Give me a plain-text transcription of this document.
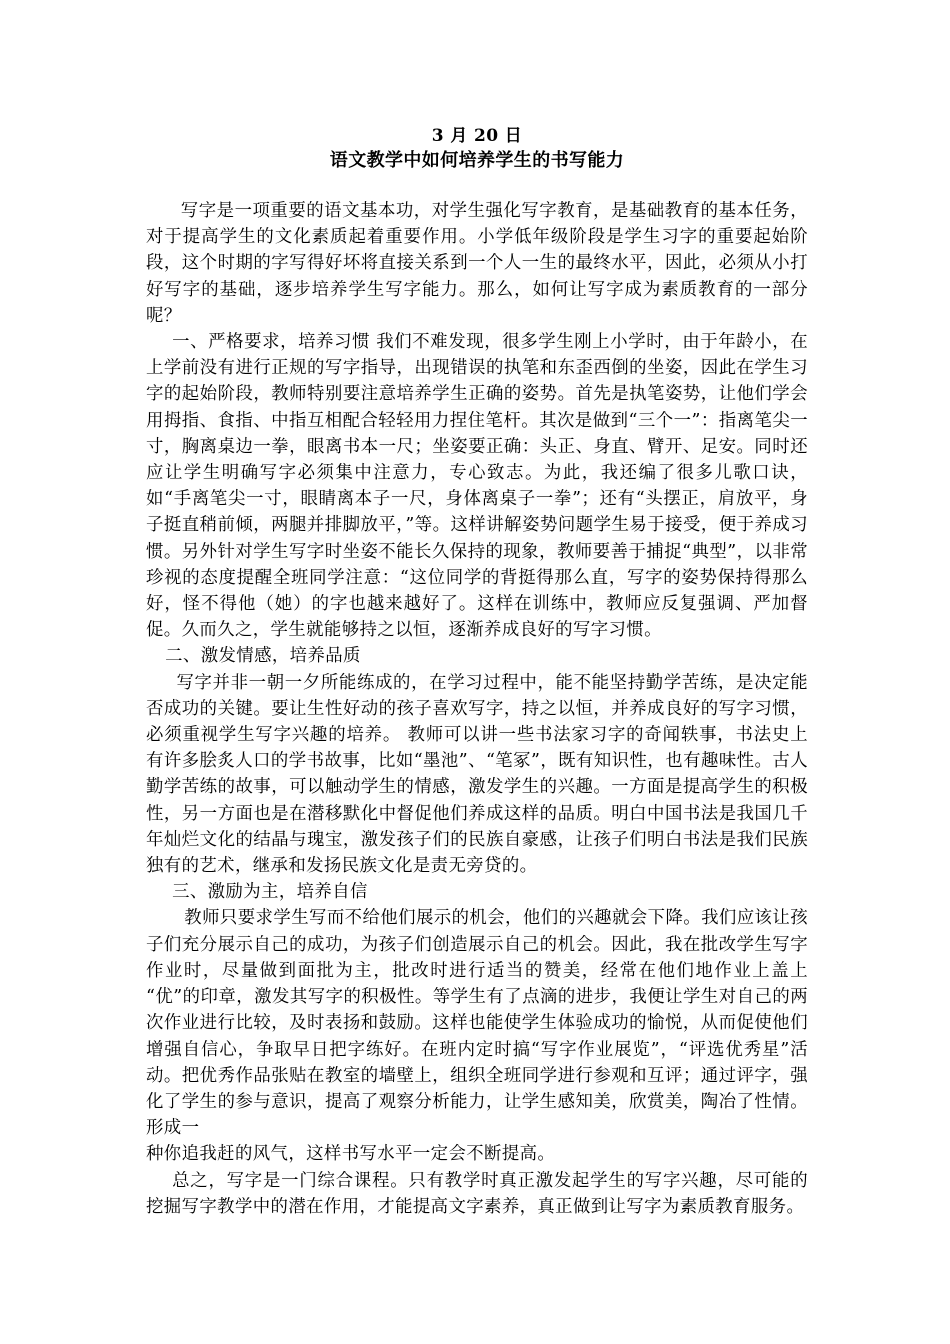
3 月 20 日

语文教学中如何培养学生的书写能力

写字是一项重要的语文基本功，对学生强化写字教育，是基础教育的基本任务，对于提高学生的文化素质起着重要作用。小学低年级阶段是学生习字的重要起始阶段，这个时期的字写得好坏将直接关系到一个人一生的最终水平，因此，必须从小打好写字的基础，逐步培养学生写字能力。那么，如何让写字成为素质教育的一部分呢？

一、严格要求，培养习惯 我们不难发现，很多学生刚上小学时，由于年龄小，在上学前没有进行正规的写字指导，出现错误的执笔和东歪西倒的坐姿，因此在学生习字的起始阶段，教师特别要注意培养学生正确的姿势。首先是执笔姿势，让他们学会用拇指、食指、中指互相配合轻轻用力捏住笔杆。其次是做到“三个一”：指离笔尖一寸，胸离桌边一拳，眼离书本一尺；坐姿要正确：头正、身直、臂开、足安。同时还应让学生明确写字必须集中注意力，专心致志。为此，我还编了很多儿歌口诀，如“手离笔尖一寸，眼睛离本子一尺，身体离桌子一拳”；还有“头摆正，肩放平，身子挺直稍前倾，两腿并排脚放平，”等。这样讲解姿势问题学生易于接受，便于养成习惯。另外针对学生写字时坐姿不能长久保持的现象，教师要善于捕捉“典型”，以非常珍视的态度提醒全班同学注意：“这位同学的背挺得那么直，写字的姿势保持得那么好，怪不得他（她）的字也越来越好了。这样在训练中，教师应反复强调、严加督促。久而久之，学生就能够持之以恒，逐渐养成良好的写字习惯。

二、激发情感，培养品质

写字并非一朝一夕所能练成的，在学习过程中，能不能坚持勤学苦练，是决定能否成功的关键。要让生性好动的孩子喜欢写字，持之以恒，并养成良好的写字习惯，必须重视学生写字兴趣的培养。 教师可以讲一些书法家习字的奇闻轶事，书法史上有许多脍炙人口的学书故事，比如“墨池”、“笔冢”，既有知识性，也有趣味性。古人勤学苦练的故事，可以触动学生的情感，激发学生的兴趣。一方面是提高学生的积极性，另一方面也是在潜移默化中督促他们养成这样的品质。明白中国书法是我国几千年灿烂文化的结晶与瑰宝，激发孩子们的民族自豪感，让孩子们明白书法是我们民族独有的艺术，继承和发扬民族文化是责无旁贷的。

三、激励为主，培养自信

教师只要求学生写而不给他们展示的机会，他们的兴趣就会下降。我们应该让孩子们充分展示自己的成功，为孩子们创造展示自己的机会。因此，我在批改学生写字作业时，尽量做到面批为主，批改时进行适当的赞美，经常在他们地作业上盖上 “优”的印章，激发其写字的积极性。等学生有了点滴的进步，我便让学生对自己的两次作业进行比较，及时表扬和鼓励。这样也能使学生体验成功的愉悦，从而促使他们增强自信心，争取早日把字练好。在班内定时搞“写字作业展览”，“评选优秀星”活动。把优秀作品张贴在教室的墙壁上，组织全班同学进行参观和互评；通过评字，强化了学生的参与意识，提高了观察分析能力，让学生感知美，欣赏美，陶冶了性情。形成一

种你追我赶的风气，这样书写水平一定会不断提高。

总之，写字是一门综合课程。只有教学时真正激发起学生的写字兴趣，尽可能的挖掘写字教学中的潜在作用，才能提高文字素养，真正做到让写字为素质教育服务。
